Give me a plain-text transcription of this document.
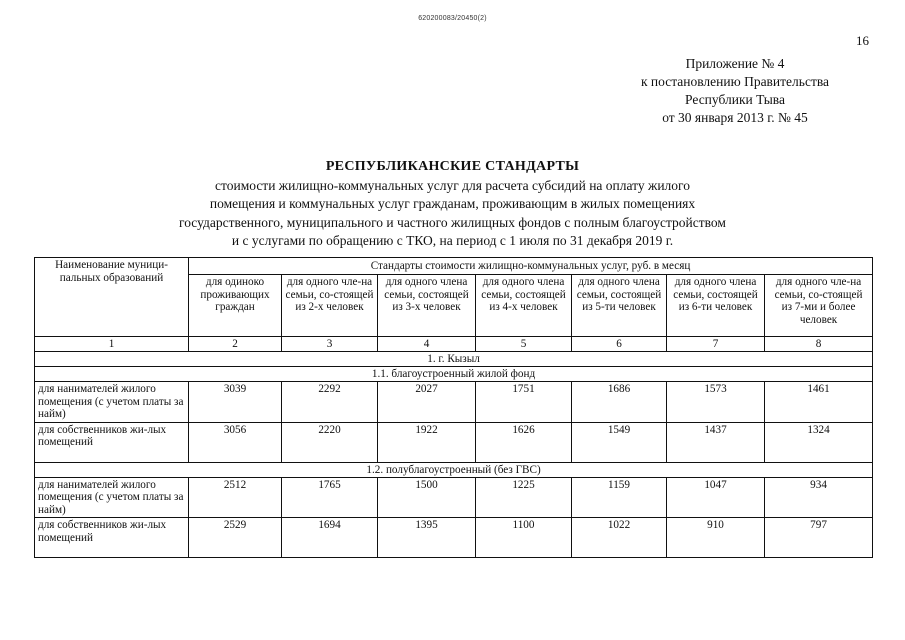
620200083/20450(2)
16
Приложение № 4
к постановлению Правительства
Республики Тыва
от 30 января 2013 г. № 45
РЕСПУБЛИКАНСКИЕ СТАНДАРТЫ
стоимости жилищно-коммунальных услуг для расчета субсидий на оплату жилого
помещения и коммунальных услуг гражданам, проживающим в жилых помещениях
государственного, муниципального и частного жилищных фондов с полным благоустройством
и с услугами по обращению с ТКО, на период с 1 июля по 31 декабря 2019 г.
Наименование муници-пальных образований	Стандарты стоимости жилищно-коммунальных услуг, руб. в месяц						
	для одиноко проживающих граждан	для одного чле-на семьи, со-стоящей из 2-х человек	для одного члена семьи, состоящей из 3-х человек	для одного члена семьи, состоящей из 4-х человек	для одного члена семьи, состоящей из 5-ти человек	для одного члена семьи, состоящей из 6-ти человек	для одного чле-на семьи, со-стоящей из 7-ми и более человек
1	2	3	4	5	6	7	8
1. г. Кызыл							
1.1. благоустроенный жилой фонд							
для нанимателей жилого помещения (с учетом платы за найм)	3039	2292	2027	1751	1686	1573	1461
для собственников жи-лых помещений	3056	2220	1922	1626	1549	1437	1324
1.2. полублагоустроенный (без ГВС)							
для нанимателей жилого помещения (с учетом платы за найм)	2512	1765	1500	1225	1159	1047	934
для собственников жи-лых помещений	2529	1694	1395	1100	1022	910	797
